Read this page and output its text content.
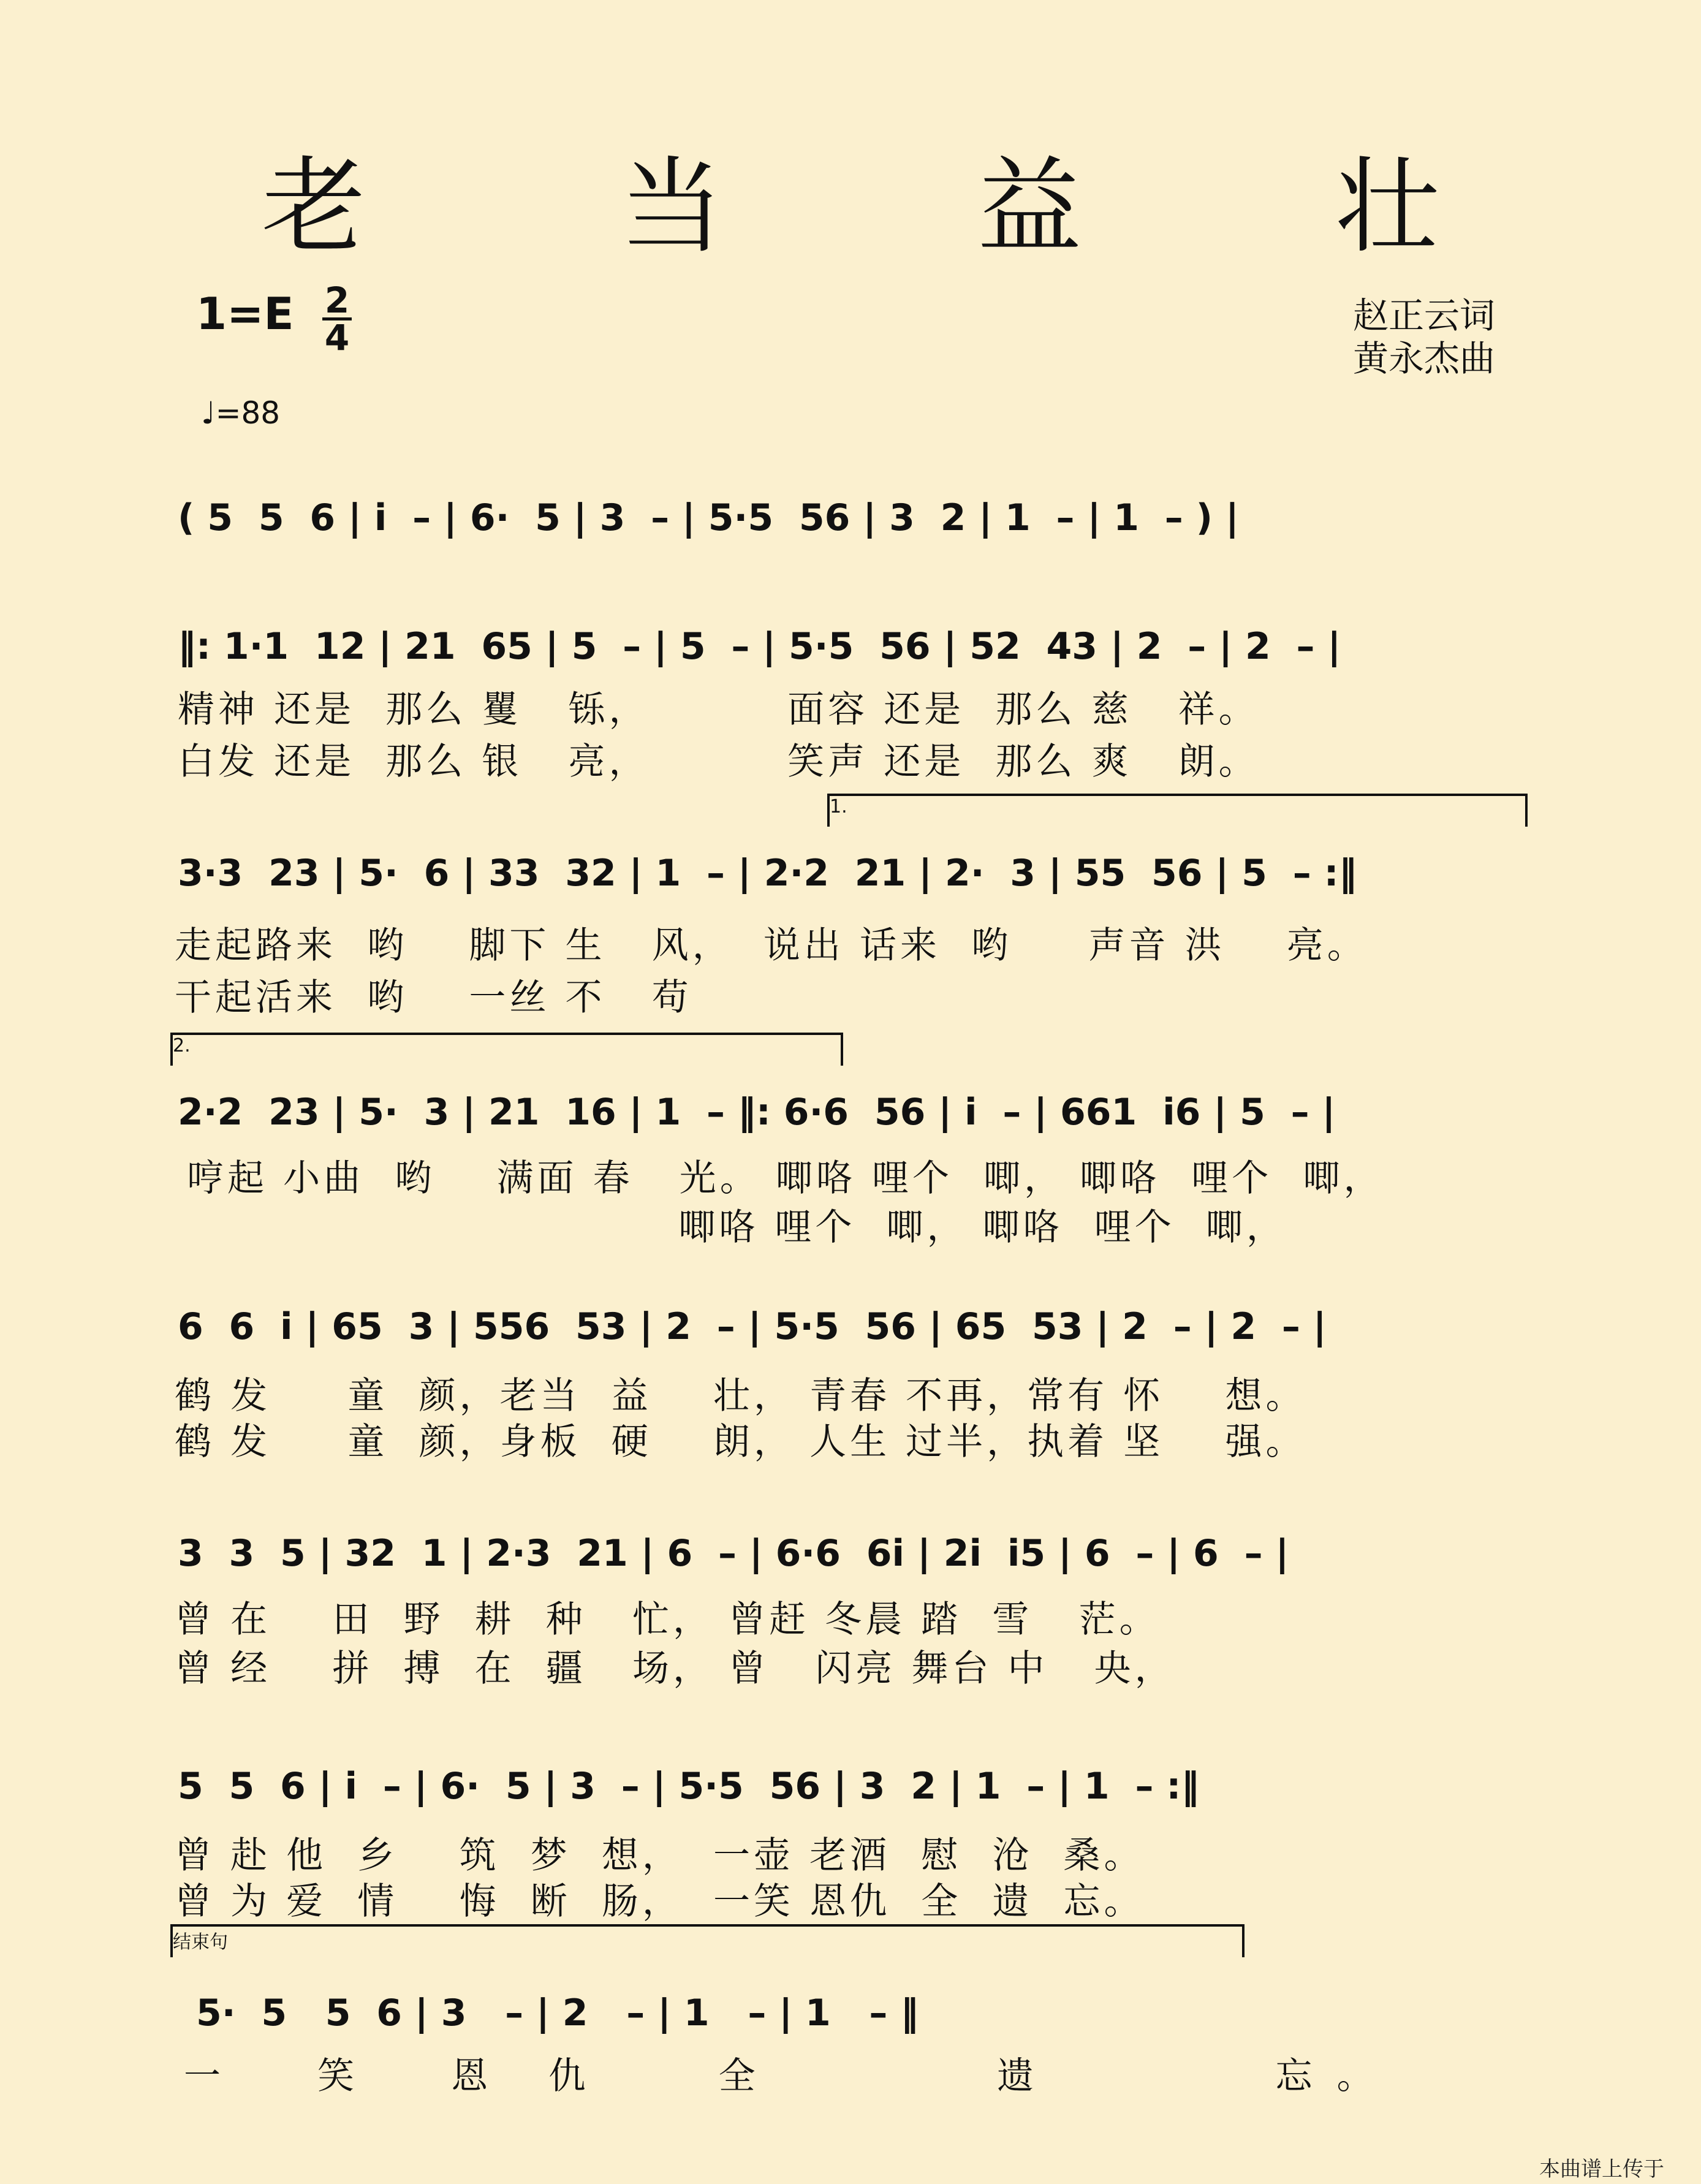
老 当 益 壮
1=E 2
4
♩=88
赵正云词
黄永杰曲
( 5  5  6 | i  – | 6·  5 | 3  – | 5·5  56 | 3  2 | 1  – | 1  – ) |
‖: 1·1  12 | 21  65 | 5  – | 5  – | 5·5  56 | 52  43 | 2  – | 2  – |
精神 还是  那么 矍   铄，         面容 还是  那么 慈   祥。
白发 还是  那么 银   亮，         笑声 还是  那么 爽   朗。
1.
3·3  23 | 5·  6 | 33  32 | 1  – | 2·2  21 | 2·  3 | 55  56 | 5  – :‖
走起路来  哟    脚下 生   风，  说出 话来  哟     声音 洪    亮。
干起活来  哟    一丝 不   苟
2.
2·2  23 | 5·  3 | 21  16 | 1  – ‖: 6·6  56 | i  – | 661  i6 | 5  – |
哼起 小曲  哟    满面 春   光。 唧咯 哩个  唧， 唧咯  哩个  唧，
唧咯 哩个  唧， 唧咯  哩个  唧，
6  6  i | 65  3 | 556  53 | 2  – | 5·5  56 | 65  53 | 2  – | 2  – |
鹤 发     童  颜，老当  益    壮， 青春 不再，常有 怀    想。
鹤 发     童  颜，身板  硬    朗， 人生 过半，执着 坚    强。
3  3  5 | 32  1 | 2·3  21 | 6  – | 6·6  6i | 2i  i5 | 6  – | 6  – |
曾 在    田  野  耕  种   忙， 曾赶 冬晨 踏  雪   茫。
曾 经    拼  搏  在  疆   场， 曾   闪亮 舞台 中   央，
5  5  6 | i  – | 6·  5 | 3  – | 5·5  56 | 3  2 | 1  – | 1  – :‖
曾 赴 他  乡    筑  梦  想，  一壶 老酒  慰  沧  桑。
曾 为 爱  情    悔  断  肠，  一笑 恩仇  全  遗  忘。
结束句
5·  5   5  6 | 3   – | 2   – | 1   – | 1   – ‖
一  笑  恩 仇   全      遗      忘。
本曲谱上传于
